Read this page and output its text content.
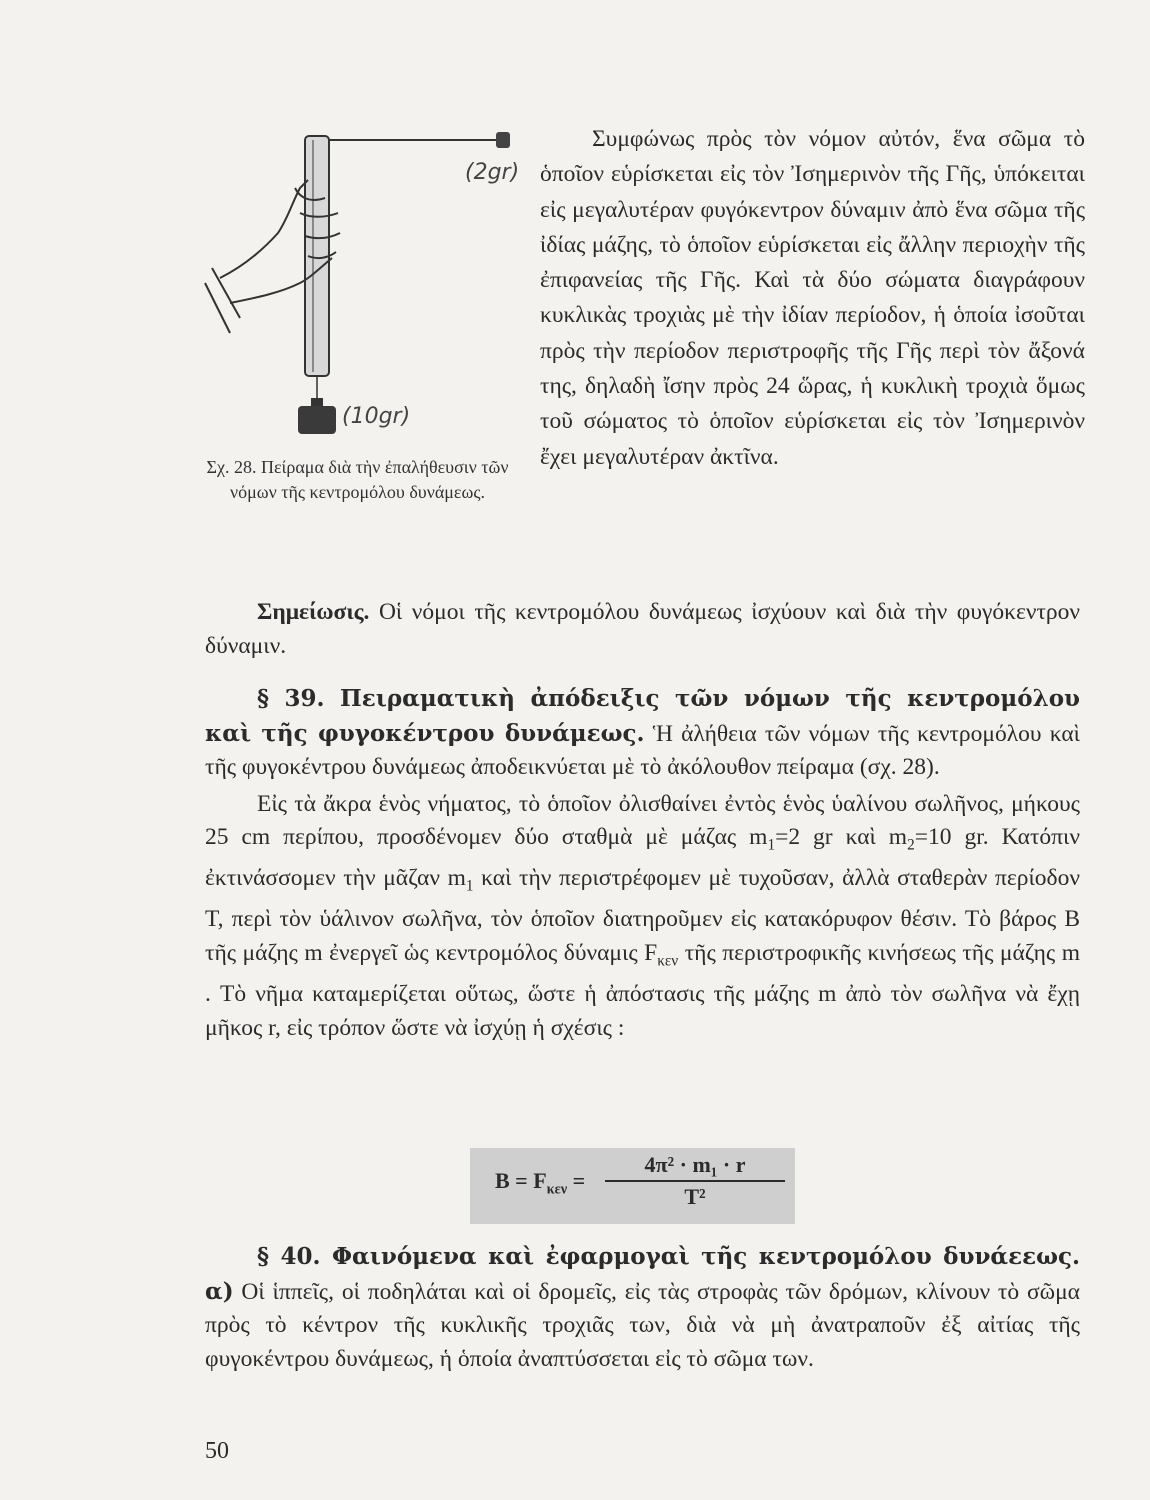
(2gr)
(10gr)
Σχ. 28. Πείραμα διὰ τὴν ἐπαλήθευσιν τῶν νόμων τῆς κεντρομόλου δυνάμεως.

Συμφώνως πρὸς τὸν νόμον αὐτόν, ἕνα σῶμα τὸ ὁποῖον εὑρίσκεται εἰς τὸν Ἰσημερινὸν τῆς Γῆς, ὑπόκειται εἰς μεγαλυτέραν φυγόκεντρον δύναμιν ἀπὸ ἕνα σῶμα τῆς ἰδίας μάζης, τὸ ὁποῖον εὑρίσκεται εἰς ἄλλην περιοχὴν τῆς ἐπιφανείας τῆς Γῆς. Καὶ τὰ δύο σώματα διαγράφουν κυκλικὰς τροχιὰς μὲ τὴν ἰδίαν περίοδον, ἡ ὁποία ἰσοῦται πρὸς τὴν περίοδον περιστροφῆς τῆς Γῆς περὶ τὸν ἄξονά της, δηλαδὴ ἴσην πρὸς 24 ὥρας, ἡ κυκλικὴ τροχιὰ ὅμως τοῦ σώματος τὸ ὁποῖον εὑρίσκεται εἰς τὸν Ἰσημερινὸν ἔχει μεγαλυτέραν ἀκτῖνα.

Σημείωσις. Οἱ νόμοι τῆς κεντρομόλου δυνάμεως ἰσχύουν καὶ διὰ τὴν φυγόκεντρον δύναμιν.

§ 39. Πειραματικὴ ἀπόδειξις τῶν νόμων τῆς κεντρομόλου καὶ τῆς φυγοκέντρου δυνάμεως. Ἡ ἀλήθεια τῶν νόμων τῆς κεντρομόλου καὶ τῆς φυγοκέντρου δυνάμεως ἀποδεικνύεται μὲ τὸ ἀκόλουθον πείραμα (σχ. 28).

Εἰς τὰ ἄκρα ἑνὸς νήματος, τὸ ὁποῖον ὀλισθαίνει ἐντὸς ἑνὸς ὑαλίνου σωλῆνος, μήκους 25 cm περίπου, προσδένομεν δύο σταθμὰ μὲ μάζας $m_1=2$ gr καὶ $m_2=10$ gr. Κατόπιν ἐκτινάσσομεν τὴν μᾶζαν $m_1$ καὶ τὴν περιστρέφομεν μὲ τυχοῦσαν, ἀλλὰ σταθερὰν περίοδον T, περὶ τὸν ὑάλινον σωλῆνα, τὸν ὁποῖον διατηροῦμεν εἰς κατακόρυφον θέσιν. Τὸ βάρος B τῆς μάζης m ἐνεργεῖ ὡς κεντρομόλος δύναμις $F_{\kappa\varepsilon\nu}$ τῆς περιστροφικῆς κινήσεως τῆς μάζης m . Τὸ νῆμα καταμερίζεται οὕτως, ὥστε ἡ ἀπόστασις τῆς μάζης m ἀπὸ τὸν σωλῆνα νὰ ἔχῃ μῆκος r, εἰς τρόπον ὥστε νὰ ἰσχύῃ ἡ σχέσις :

$B = F_{\kappa\varepsilon\nu}$ =
4π² · m₁ · r
T²

§ 40. Φαινόμενα καὶ ἐφαρμογαὶ τῆς κεντρομόλου δυνάεεως. α) Οἱ ἱππεῖς, οἱ ποδηλάται καὶ οἱ δρομεῖς, εἰς τὰς στροφὰς τῶν δρόμων, κλίνουν τὸ σῶμα πρὸς τὸ κέντρον τῆς κυκλικῆς τροχιᾶς των, διὰ νὰ μὴ ἀνατραποῦν ἐξ αἰτίας τῆς φυγοκέντρου δυνάμεως, ἡ ὁποία ἀναπτύσσεται εἰς τὸ σῶμα των.

50
